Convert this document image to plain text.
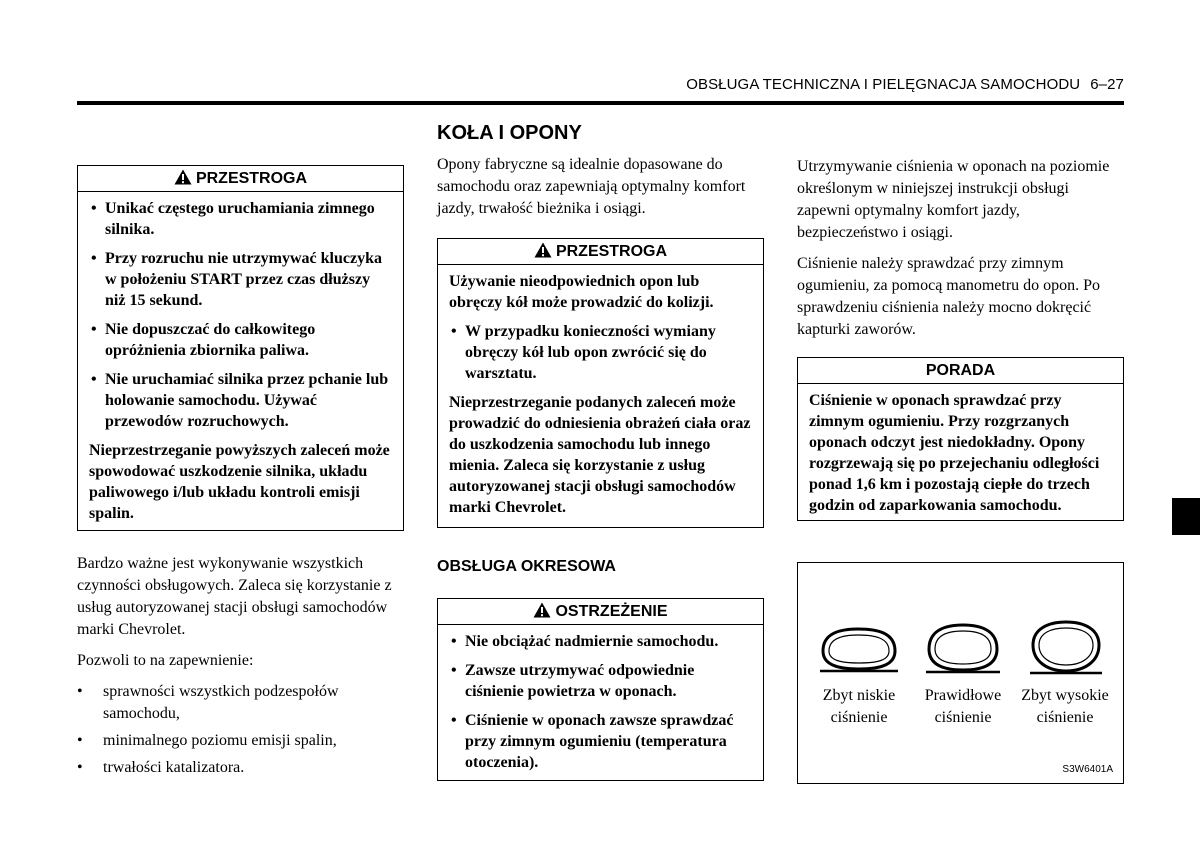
OBSŁUGA TECHNICZNA I PIELĘGNACJA SAMOCHODU 6–27
PRZESTROGA
• Unikać częstego uruchamiania zimnego silnika.
• Przy rozruchu nie utrzymywać kluczyka w położeniu START przez czas dłuższy niż 15 sekund.
• Nie dopuszczać do całkowitego opróżnienia zbiornika paliwa.
• Nie uruchamiać silnika przez pchanie lub holowanie samochodu. Używać przewodów rozruchowych.

Nieprzestrzeganie powyższych zaleceń może spowodować uszkodzenie silnika, układu paliwowego i/lub układu kontroli emisji spalin.

Bardzo ważne jest wykonywanie wszystkich czynności obsługowych. Zaleca się korzystanie z usług autoryzowanej stacji obsługi samochodów marki Chevrolet.

Pozwoli to na zapewnienie:

• sprawności wszystkich podzespołów samochodu,
• minimalnego poziomu emisji spalin,
• trwałości katalizatora.
KOŁA I OPONY

Opony fabryczne są idealnie dopasowane do samochodu oraz zapewniają optymalny komfort jazdy, trwałość bieżnika i osiągi.

PRZESTROGA

Używanie nieodpowiednich opon lub obręczy kół może prowadzić do kolizji.

• W przypadku konieczności wymiany obręczy kół lub opon zwrócić się do warsztatu.

Nieprzestrzeganie podanych zaleceń może prowadzić do odniesienia obrażeń ciała oraz do uszkodzenia samochodu lub innego mienia. Zaleca się korzystanie z usług autoryzowanej stacji obsługi samochodów marki Chevrolet.

OBSŁUGA OKRESOWA
OSTRZEŻENIE
• Nie obciążać nadmiernie samochodu.
• Zawsze utrzymywać odpowiednie ciśnienie powietrza w oponach.
• Ciśnienie w oponach zawsze sprawdzać przy zimnym ogumieniu (temperatura otoczenia).

Utrzymywanie ciśnienia w oponach na poziomie określonym w niniejszej instrukcji obsługi zapewni optymalny komfort jazdy, bezpieczeństwo i osiągi.

Ciśnienie należy sprawdzać przy zimnym ogumieniu, za pomocą manometru do opon. Po sprawdzeniu ciśnienia należy mocno dokręcić kapturki zaworów.

PORADA

Ciśnienie w oponach sprawdzać przy zimnym ogumieniu. Przy rozgrzanych oponach odczyt jest niedokładny. Opony rozgrzewają się po przejechaniu odległości ponad 1,6 km i pozostają ciepłe do trzech godzin od zaparkowania samochodu.

Zbyt niskie ciśnienie
Prawidłowe ciśnienie
Zbyt wysokie ciśnienie
S3W6401A
